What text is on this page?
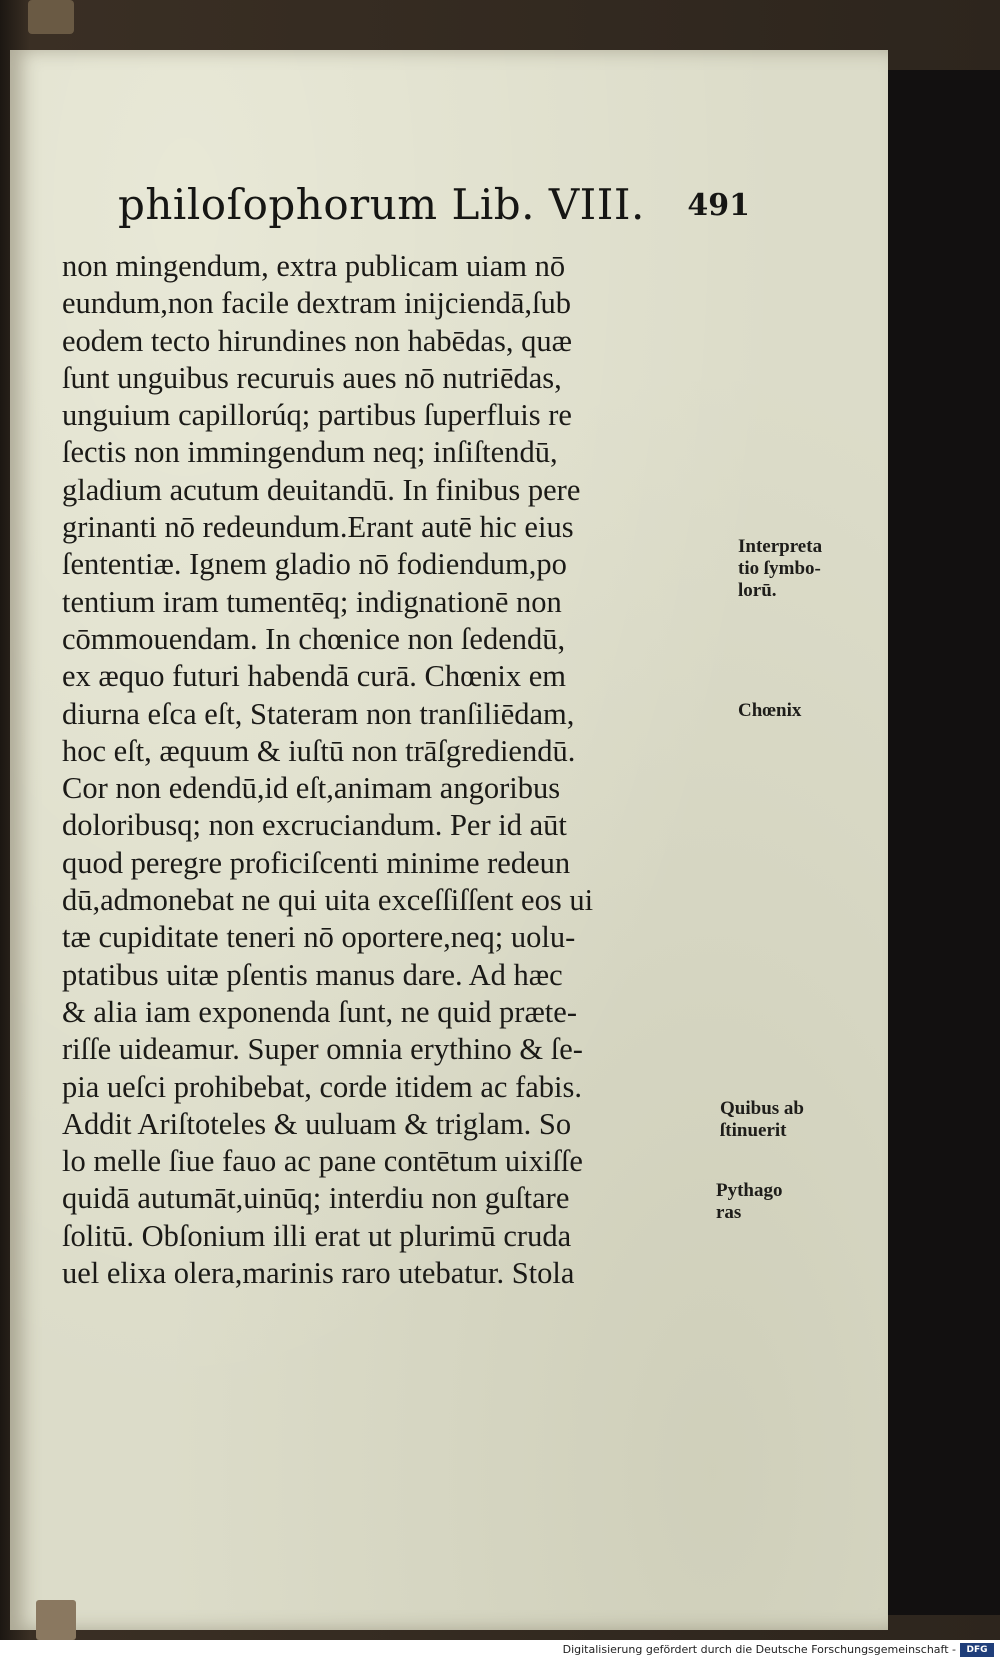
philoſophorum Lib. VIII. 491
non mingendum, extra publicam uiam nō
eundum,non facile dextram inijciendā,ſub
eodem tecto hirundines non habēdas, quæ
ſunt unguibus recuruis aues nō nutriēdas,
unguium capillorúq; partibus ſuperfluis re
ſectis non immingendum neq; inſiſtendū,
gladium acutum deuitandū. In finibus pere
grinanti nō redeundum.Erant autē hic eius
ſententiæ. Ignem gladio nō fodiendum,po
tentium iram tumentēq; indignationē non
cōmmouendam. In chœnice non ſedendū,
ex æquo futuri habendā curā. Chœnix em
diurna eſca eſt, Stateram non tranſiliēdam,
hoc eſt, æquum & iuſtū non trāſgrediendū.
Cor non edendū,id eſt,animam angoribus
doloribusq; non excruciandum. Per id aūt
quod peregre proficiſcenti minime redeun
dū,admonebat ne qui uita exceſſiſſent eos ui
tæ cupiditate teneri nō oportere,neq; uolu-
ptatibus uitæ pſentis manus dare. Ad hæc
& alia iam exponenda ſunt, ne quid præte-
riſſe uideamur. Super omnia erythino & ſe-
pia ueſci prohibebat, corde itidem ac fabis.
Addit Ariſtoteles & uuluam & triglam. So
lo melle ſiue fauo ac pane contētum uixiſſe
quidā autumāt,uinūq; interdiu non guſtare
ſolitū. Obſonium illi erat ut plurimū cruda
uel elixa olera,marinis raro utebatur. Stola
Interpreta
tio ſymbo-
lorū.
Chœnix
Quibus ab
ſtinuerit
Pythago
ras
Digitalisierung gefördert durch die Deutsche Forschungsgemeinschaft -	DFG
